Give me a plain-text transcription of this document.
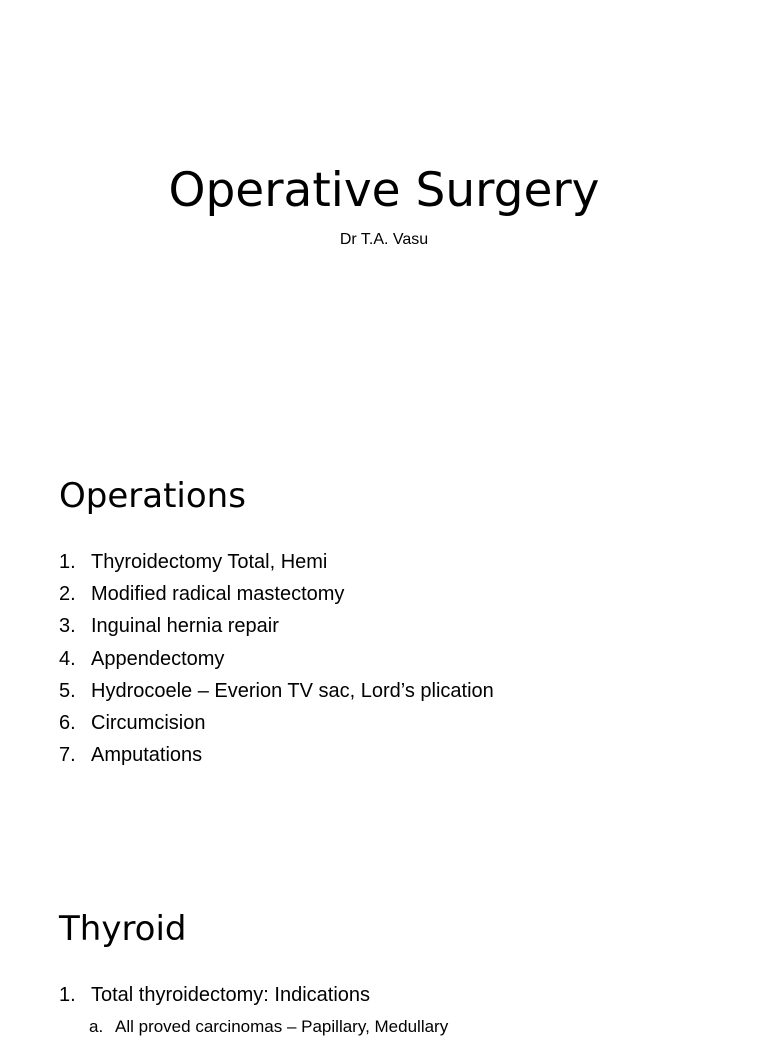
Operative Surgery
Dr T.A. Vasu
Operations
1. Thyroidectomy Total, Hemi
2. Modified radical mastectomy
3. Inguinal hernia repair
4. Appendectomy
5. Hydrocoele – Everion TV sac, Lord’s plication
6. Circumcision
7. Amputations
Thyroid
1. Total thyroidectomy: Indications
a. All proved carcinomas – Papillary, Medullary
